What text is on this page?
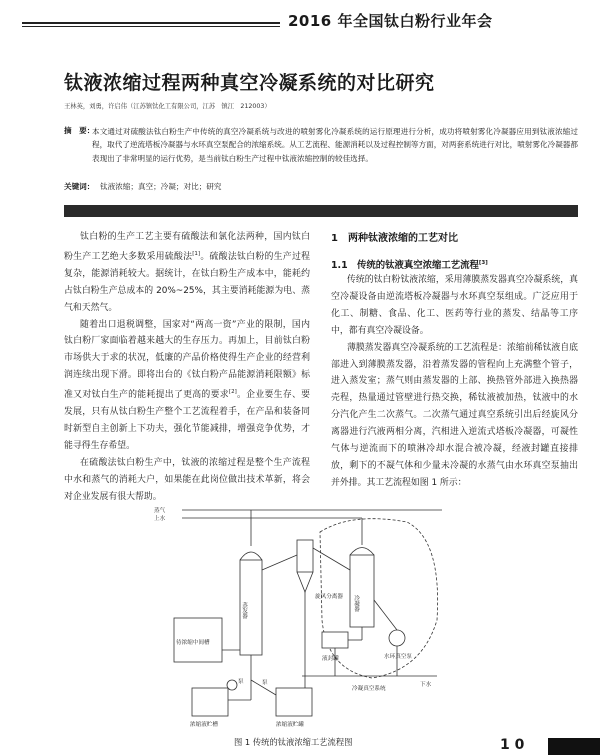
2016 年全国钛白粉行业年会
钛液浓缩过程两种真空冷凝系统的对比研究
王林英，刘勇，许启伟（江苏镇钛化工有限公司，江苏　镇江　212003）
摘　要：
本文通过对硫酸法钛白粉生产中传统的真空冷凝系统与改进的喷射雾化冷凝系统的运行原理进行分析，成功将喷射雾化冷凝器应用到钛液浓缩过程，取代了逆流塔板冷凝器与水环真空泵配合的浓缩系统。从工艺流程、能源消耗以及过程控制等方面，对两套系统进行对比，喷射雾化冷凝器都表现出了非常明显的运行优势，是当前钛白粉生产过程中钛液浓缩控制的较佳选择。
关键词： 钛液浓缩；真空；冷凝；对比；研究

钛白粉的生产工艺主要有硫酸法和氯化法两种，国内钛白粉生产工艺绝大多数采用硫酸法[1]。硫酸法钛白粉的生产过程复杂，能源消耗较大。据统计，在钛白粉生产成本中，能耗约占钛白粉生产总成本的 20%~25%，其主要消耗能源为电、蒸气和天然气。

随着出口退税调整，国家对“两高一资”产业的限制，国内钛白粉厂家面临着越来越大的生存压力。再加上，目前钛白粉市场供大于求的状况，低廉的产品价格使得生产企业的经营利润连续出现下滑。即将出台的《钛白粉产品能源消耗限额》标准又对钛白生产的能耗提出了更高的要求[2]。企业要生存、要发展，只有从钛白粉生产整个工艺流程着手，在产品和装备同时新型自主创新上下功夫，强化节能减排，增强竞争优势，才能寻得生存希望。

在硫酸法钛白粉生产中，钛液的浓缩过程是整个生产流程中水和蒸气的消耗大户，如果能在此岗位做出技术革新，将会对企业发展有很大帮助。

1　两种钛液浓缩的工艺对比
1.1　传统的钛液真空浓缩工艺流程[3]

传统的钛白粉钛液浓缩，采用薄膜蒸发器真空冷凝系统，真空冷凝设备由逆流塔板冷凝器与水环真空泵组成。广泛应用于化工、制糖、食品、化工、医药等行业的蒸发、结晶等工序中，都有真空冷凝设备。

薄膜蒸发器真空冷凝系统的工艺流程是：浓缩前稀钛液自底部进入到薄膜蒸发器，沿着蒸发器的管程向上充满整个管子，进入蒸发室；蒸气则由蒸发器的上部、换热管外部进入换热器壳程，热量通过管壁进行热交换，稀钛液被加热，钛液中的水分汽化产生二次蒸气。二次蒸气通过真空系统引出后经旋风分离器进行汽液两相分离，汽相进入逆流式塔板冷凝器，可凝性气体与逆流而下的喷淋冷却水混合被冷凝，经液封罐直接排放，剩下的不凝气体和少量未冷凝的水蒸气由水环真空泵抽出并外排。其工艺流程如图 1 所示：

蒸气
上水
蒸发器
旋风分离器 冷凝器
待浓缩中间槽
泵
液封罐
浓缩液贮槽
泵
浓缩液贮罐
水环真空泵
下水
冷凝真空系统
图 1 传统的钛液浓缩工艺流程图	1 0
